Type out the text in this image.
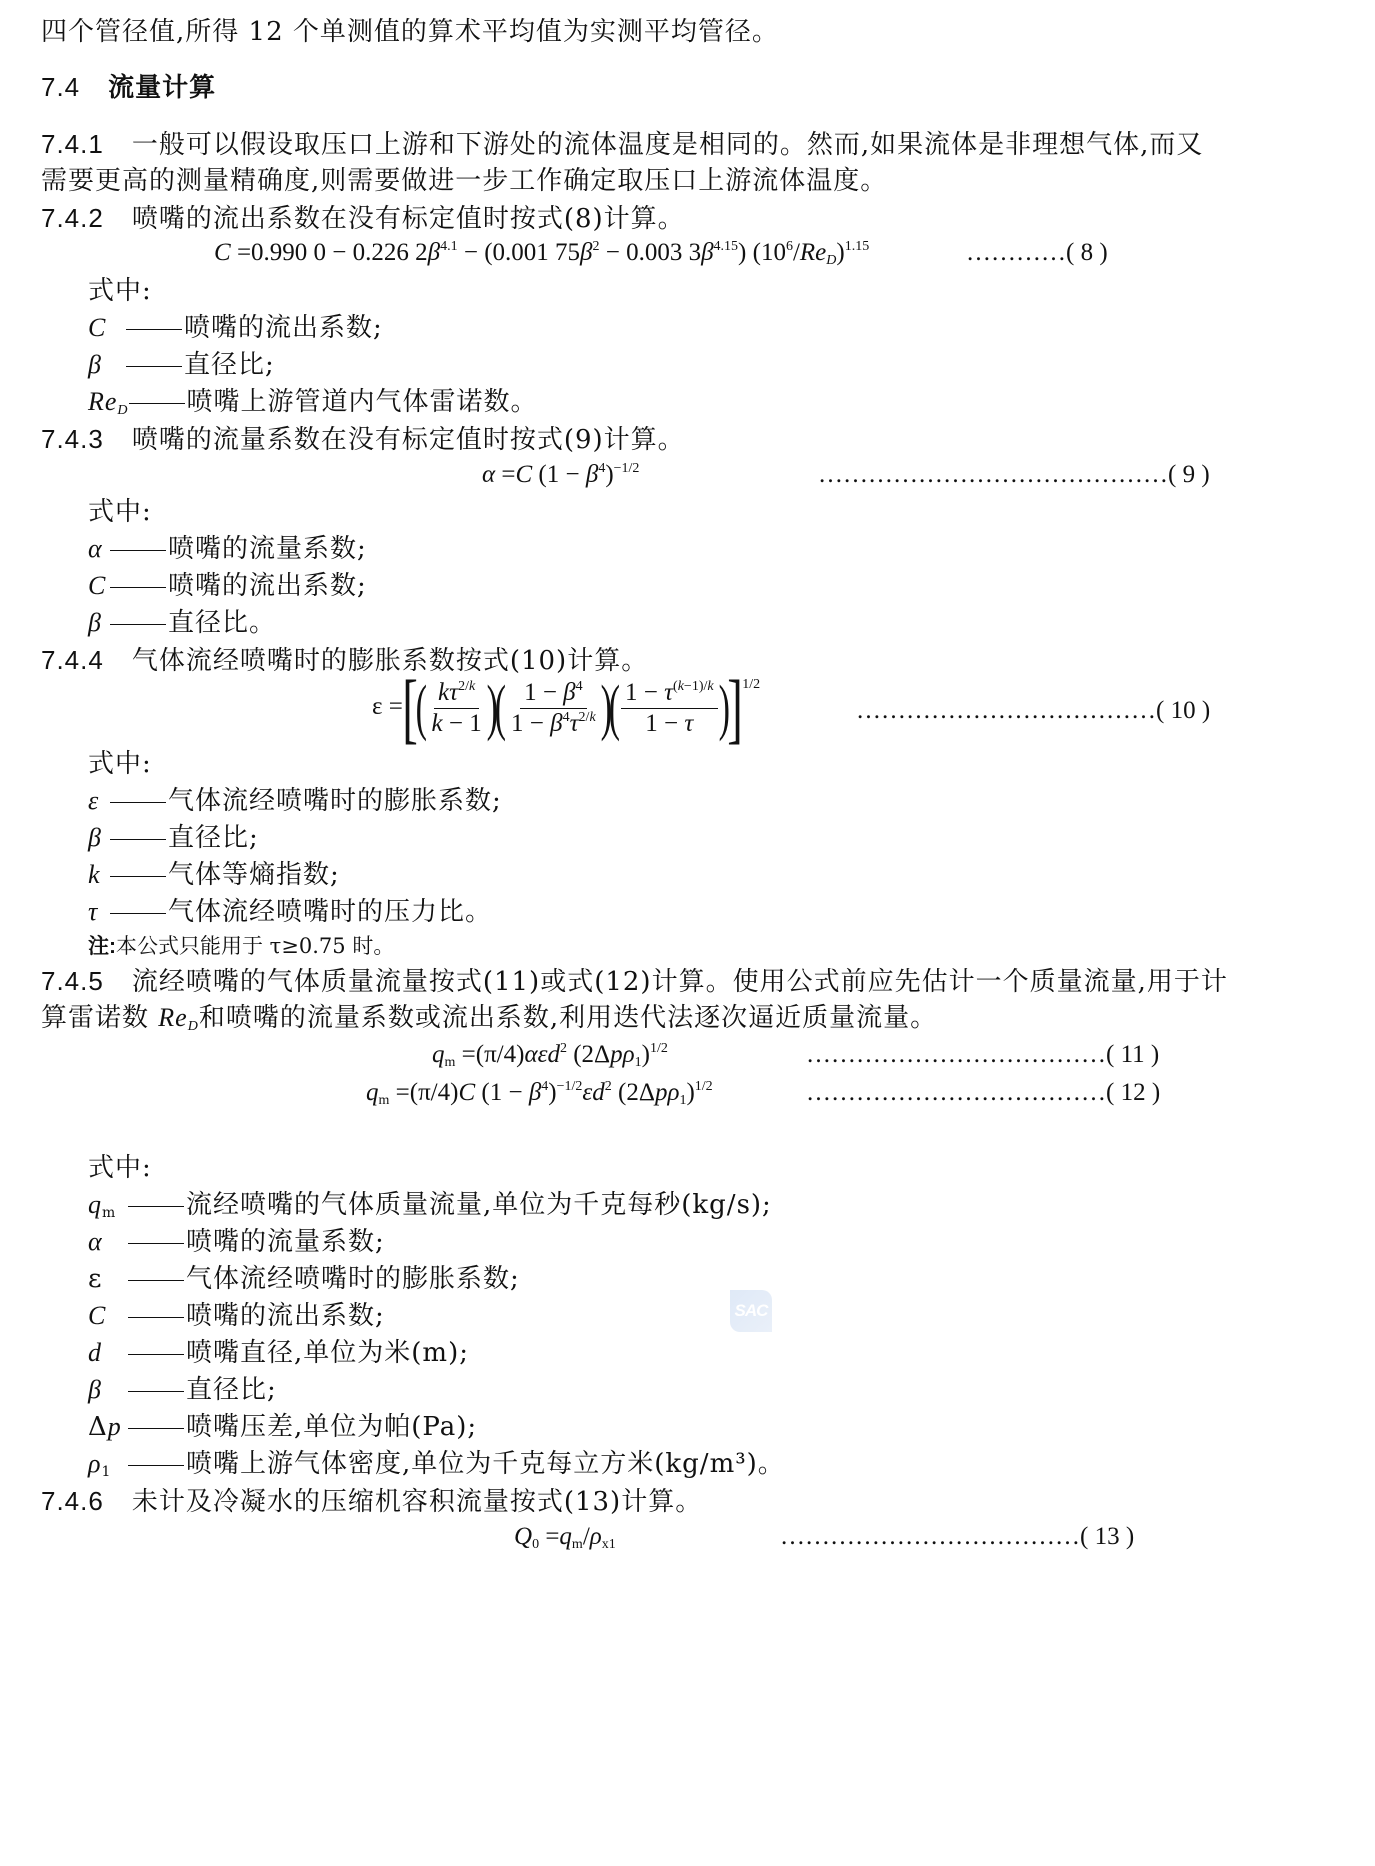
四个管径值,所得 12 个单测值的算术平均值为实测平均管径。
7.4 流量计算
7.4.1 一般可以假设取压口上游和下游处的流体温度是相同的。然而,如果流体是非理想气体,而又
需要更高的测量精确度,则需要做进一步工作确定取压口上游流体温度。
7.4.2 喷嘴的流出系数在没有标定值时按式(8)计算。
C =0.990 0 − 0.226 $2\beta^{4.1} - (0.001$ $75\beta^2 - 0.003$ $3\beta^{4.15}$) $(10^6/Re_D)^{1.15}$	…………( 8 )
式中:
C	喷嘴的流出系数;
β	直径比;
$Re_D$ 喷嘴上游管道内气体雷诺数。
7.4.3 喷嘴的流量系数在没有标定值时按式(9)计算。
α =C $(1 - \beta^4)^{-1/2}$	……………………………………( 9 )
式中:
α	喷嘴的流量系数;
C 喷嘴的流出系数;
β	直径比。
7.4.4 气体流经喷嘴时的膨胀系数按式(10)计算。
ε =[( $\frac{k\tau^{2/k}}{k - 1}$ )( $\frac{1 - \beta^4}{1 - \beta^4\tau^{2/k}}$ )( $\frac{1 - \tau^{(k-1)/k}}{1 - \tau} )]^{1/2}$
………………………………( 10 )
式中:
ε	气体流经喷嘴时的膨胀系数;
β	直径比;
k	气体等熵指数;
τ	气体流经喷嘴时的压力比。
注:本公式只能用于 τ≥0.75 时。
7.4.5 流经喷嘴的气体质量流量按式(11)或式(12)计算。使用公式前应先估计一个质量流量,用于计
算雷诺数 $Re_D$和喷嘴的流量系数或流出系数,利用迭代法逐次逼近质量流量。
$q_m =(\pi/4)\alpha\varepsilon d^2$ $(2\Delta p\rho_1)^{1/2}$	………………………………( 11 )
$q_m =(\pi/4)C$ $(1 - \beta^4)^{-1/2}\varepsilon d^2$ $(2\Delta p\rho_1)^{1/2}$	………………………………( 12 )
式中:
$q_m$	流经喷嘴的气体质量流量,单位为千克每秒(kg/s);
α	喷嘴的流量系数;
ε	气体流经喷嘴时的膨胀系数;
C	喷嘴的流出系数;
d	喷嘴直径,单位为米(m);
β	直径比;
Δp 喷嘴压差,单位为帕(Pa);
$\rho_1$	喷嘴上游气体密度,单位为千克每立方米(kg/m³)。
7.4.6 未计及冷凝水的压缩机容积流量按式(13)计算。
$Q_0 =q_m/\rho_{x1}$	………………………………( 13 )
SAC
